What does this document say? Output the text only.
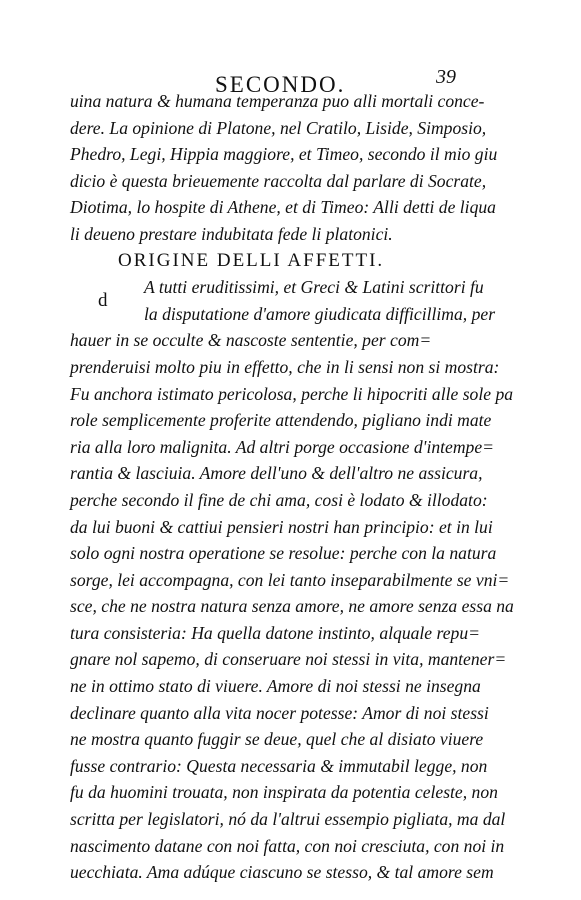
SECONDO.	39
d
uina natura & humana temperanza puo alli mortali conce-
dere. La opinione di Platone, nel Cratilo, Liside, Simposio,
Phedro, Legi, Hippia maggiore, et Timeo, secondo il mio giu
dicio è questa brieuemente raccolta dal parlare di Socrate,
Diotima, lo hospite di Athene, et di Timeo: Alli detti de liqua
li deueno prestare indubitata fede li platonici.
ORIGINE DELLI AFFETTI.
A tutti eruditissimi, et Greci & Latini scrittori fu
la disputatione d'amore giudicata difficillima, per
hauer in se occulte & nascoste sententie, per com=
prenderuisi molto piu in effetto, che in li sensi non si mostra:
Fu anchora istimato pericolosa, perche li hipocriti alle sole pa
role semplicemente proferite attendendo, pigliano indi mate
ria alla loro malignita. Ad altri porge occasione d'intempe=
rantia & lasciuia. Amore dell'uno & dell'altro ne assicura,
perche secondo il fine de chi ama, cosi è lodato & illodato:
da lui buoni & cattiui pensieri nostri han principio: et in lui
solo ogni nostra operatione se resolue: perche con la natura
sorge, lei accompagna, con lei tanto inseparabilmente se vni=
sce, che ne nostra natura senza amore, ne amore senza essa na
tura consisteria: Ha quella datone instinto, alquale repu=
gnare nol sapemo, di conseruare noi stessi in vita, mantener=
ne in ottimo stato di viuere. Amore di noi stessi ne insegna
declinare quanto alla vita nocer potesse: Amor di noi stessi
ne mostra quanto fuggir se deue, quel che al disiato viuere
fusse contrario: Questa necessaria & immutabil legge, non
fu da huomini trouata, non inspirata da potentia celeste, non
scritta per legislatori, nó da l'altrui essempio pigliata, ma dal
nascimento datane con noi fatta, con noi cresciuta, con noi in
uecchiata. Ama adúque ciascuno se stesso, & tal amore sem
